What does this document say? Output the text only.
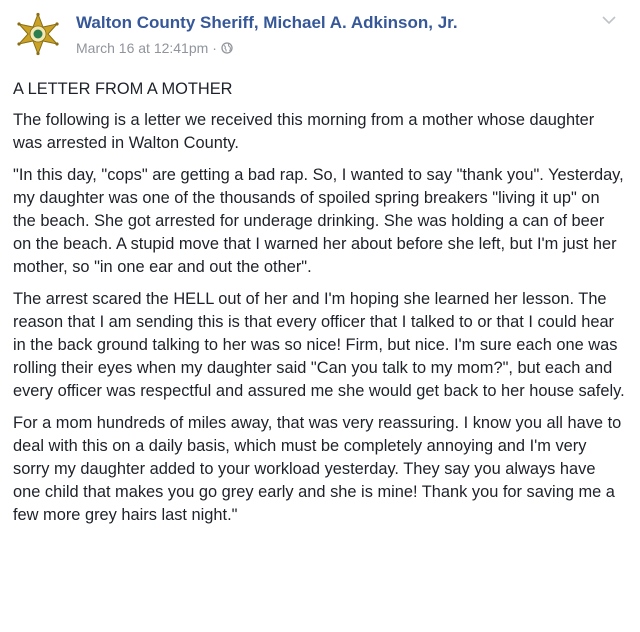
Walton County Sheriff, Michael A. Adkinson, Jr.
March 16 at 12:41pm ·

A LETTER FROM A MOTHER

The following is a letter we received this morning from a mother whose daughter was arrested in Walton County.

"In this day, "cops" are getting a bad rap. So, I wanted to say "thank you". Yesterday, my daughter was one of the thousands of spoiled spring breakers "living it up" on the beach. She got arrested for underage drinking. She was holding a can of beer on the beach. A stupid move that I warned her about before she left, but I'm just her mother, so "in one ear and out the other".

The arrest scared the HELL out of her and I'm hoping she learned her lesson. The reason that I am sending this is that every officer that I talked to or that I could hear in the back ground talking to her was so nice! Firm, but nice. I'm sure each one was rolling their eyes when my daughter said "Can you talk to my mom?", but each and every officer was respectful and assured me she would get back to her house safely.

For a mom hundreds of miles away, that was very reassuring. I know you all have to deal with this on a daily basis, which must be completely annoying and I'm very sorry my daughter added to your workload yesterday. They say you always have one child that makes you go grey early and she is mine! Thank you for saving me a few more grey hairs last night."
